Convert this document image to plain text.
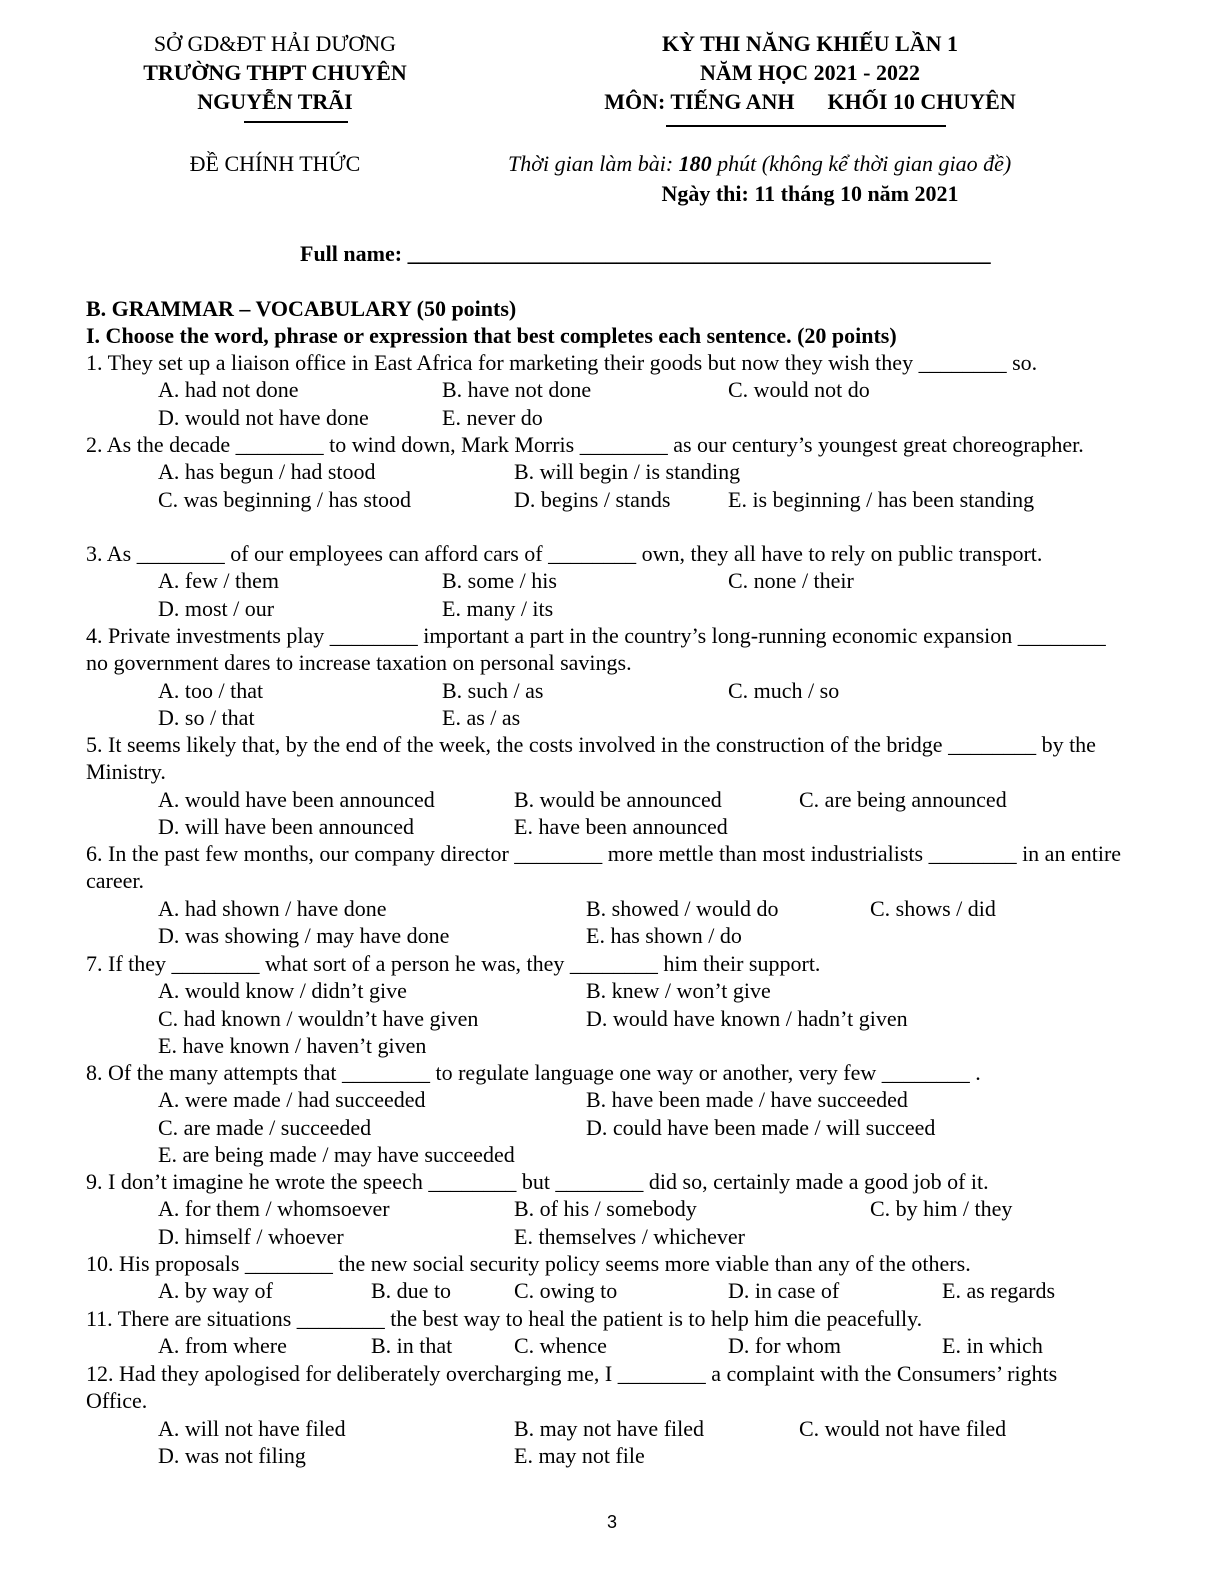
SỞ GD&ĐT HẢI DƯƠNG
TRƯỜNG THPT CHUYÊN
NGUYỄN TRÃI
KỲ THI NĂNG KHIẾU LẦN 1
NĂM HỌC 2021 - 2022
MÔN: TIẾNG ANH      KHỐI 10 CHUYÊN
ĐỀ CHÍNH THỨC	Thời gian làm bài: 180 phút (không kể thời gian giao đề)
Ngày thi: 11 tháng 10 năm 2021
Full name: _____________________________________________________
B. GRAMMAR – VOCABULARY (50 points)
I. Choose the word, phrase or expression that best completes each sentence. (20 points)
1. They set up a liaison office in East Africa for marketing their goods but now they wish they ________ so.
A. had not done	B. have not done	C. would not do
D. would not have done	E. never do
2. As the decade ________ to wind down, Mark Morris ________ as our century’s youngest great choreographer.
A. has begun / had stood	B. will begin / is standing
C. was beginning / has stood	D. begins / stands	E. is beginning / has been standing
3. As ________ of our employees can afford cars of ________ own, they all have to rely on public transport.
A. few / them	B. some / his	C. none / their
D. most / our	E. many / its
4. Private investments play ________ important a part in the country’s long-running economic expansion ________ no government dares to increase taxation on personal savings.
A. too / that	B. such / as	C. much / so
D. so / that	E. as / as
5. It seems likely that, by the end of the week, the costs involved in the construction of the bridge ________ by the Ministry.
A. would have been announced	B. would be announced	C. are being announced
D. will have been announced	E. have been announced
6. In the past few months, our company director ________ more mettle than most industrialists ________ in an entire career.
A. had shown / have done	B. showed / would do	C. shows / did
D. was showing / may have done	E. has shown / do
7. If they ________ what sort of a person he was, they ________ him their support.
A. would know / didn’t give	B. knew / won’t give
C. had known / wouldn’t have given	D. would have known / hadn’t given
E. have known / haven’t given
8. Of the many attempts that ________ to regulate language one way or another, very few ________ .
A. were made / had succeeded	B. have been made / have succeeded
C. are made / succeeded	D. could have been made / will succeed
E. are being made / may have succeeded
9. I don’t imagine he wrote the speech ________ but ________ did so, certainly made a good job of it.
A. for them / whomsoever	B. of his / somebody	C. by him / they
D. himself / whoever	E. themselves / whichever
10. His proposals ________ the new social security policy seems more viable than any of the others.
A. by way of	B. due to	C. owing to	D. in case of	E. as regards
11. There are situations ________ the best way to heal the patient is to help him die peacefully.
A. from where	B. in that	C. whence	D. for whom	E. in which
12. Had they apologised for deliberately overcharging me, I ________ a complaint with the Consumers’ rights Office.
A. will not have filed	B. may not have filed	C. would not have filed
D. was not filing	E. may not file
3
